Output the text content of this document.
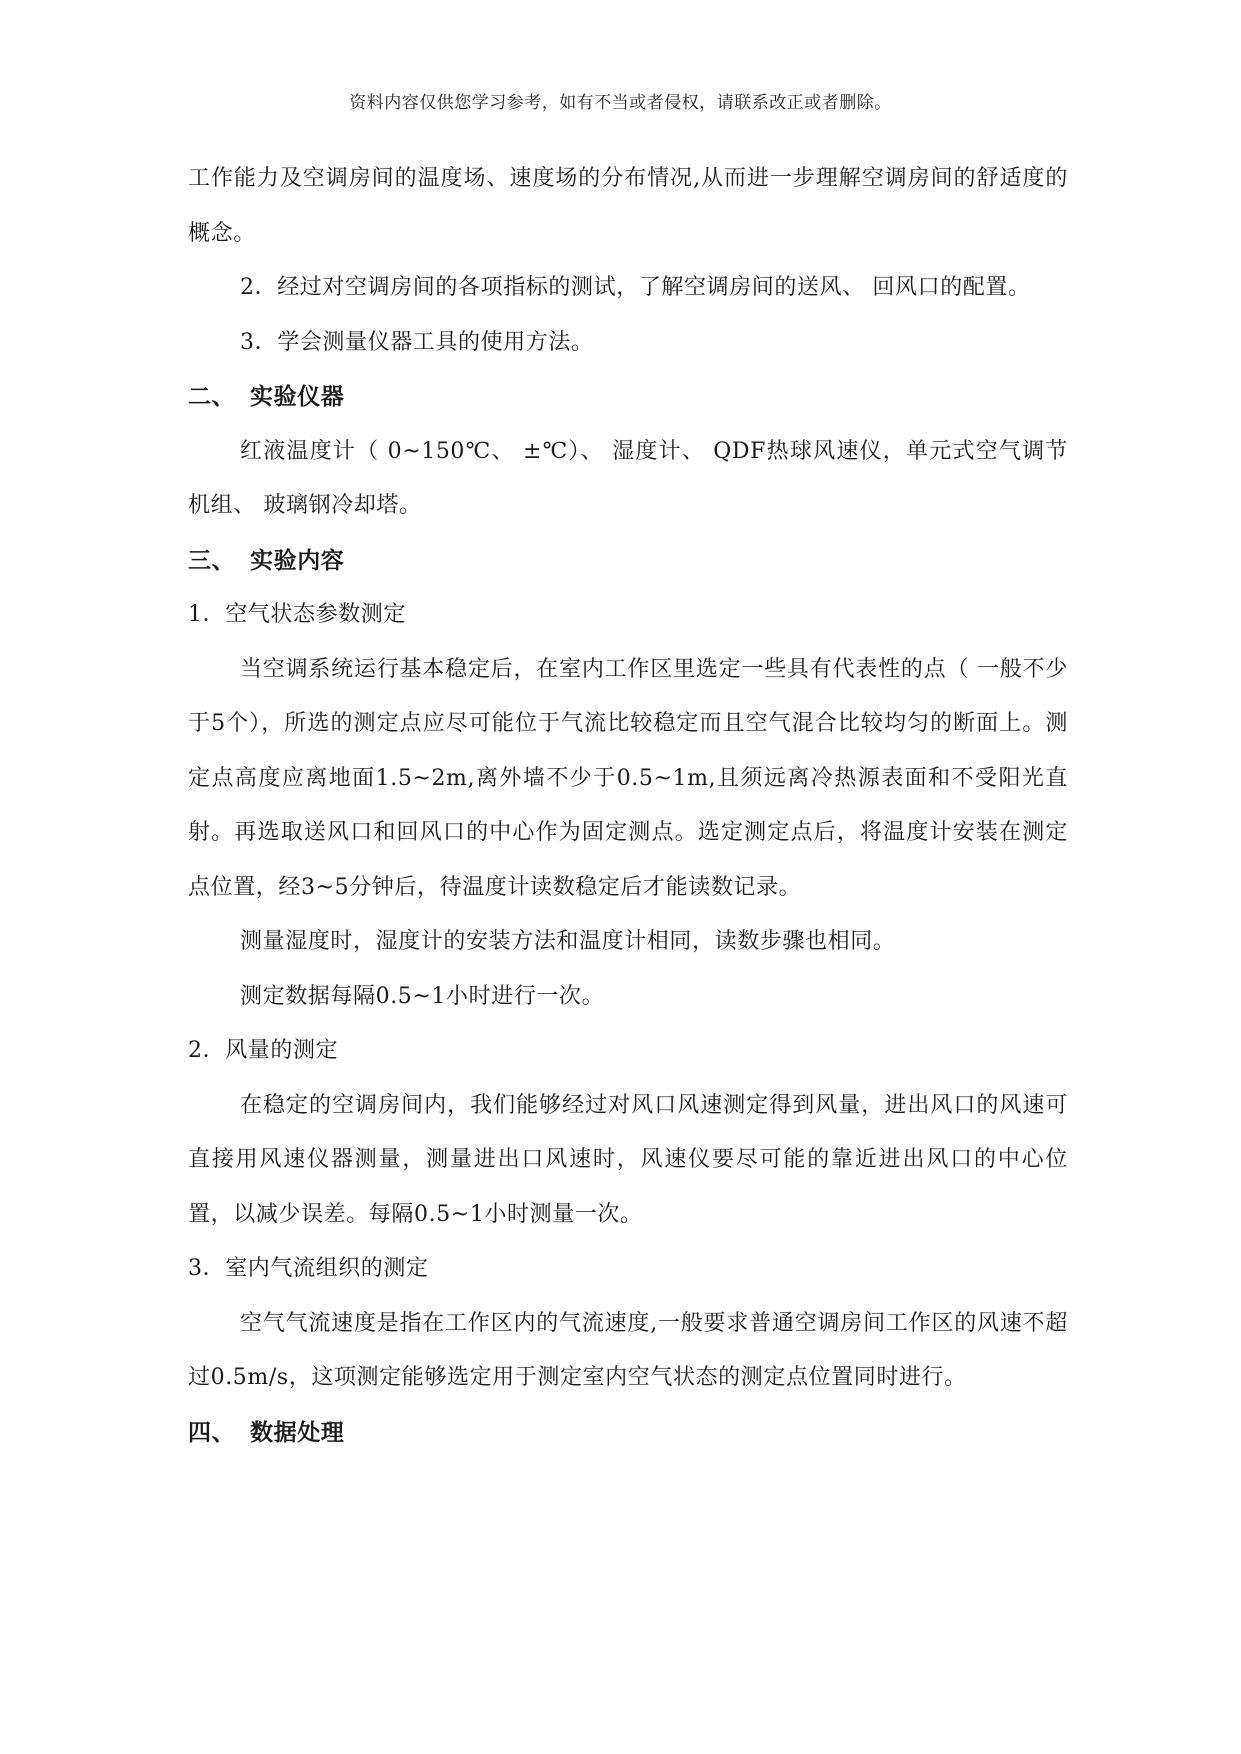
资料内容仅供您学习参考，如有不当或者侵权，请联系改正或者删除。

工作能力及空调房间的温度场、速度场的分布情况,从而进一步理解空调房间的舒适度的概念。

2．经过对空调房间的各项指标的测试，了解空调房间的送风、 回风口的配置。

3．学会测量仪器工具的使用方法。

二、 实验仪器

红液温度计（ 0~150℃、 ±℃）、 湿度计、 QDF热球风速仪，单元式空气调节机组、 玻璃钢冷却塔。

三、 实验内容

1．空气状态参数测定

当空调系统运行基本稳定后，在室内工作区里选定一些具有代表性的点（ 一般不少于5个），所选的测定点应尽可能位于气流比较稳定而且空气混合比较均匀的断面上。测定点高度应离地面1.5~2m,离外墙不少于0.5~1m,且须远离冷热源表面和不受阳光直射。再选取送风口和回风口的中心作为固定测点。选定测定点后，将温度计安装在测定点位置，经3~5分钟后，待温度计读数稳定后才能读数记录。

测量湿度时，湿度计的安装方法和温度计相同，读数步骤也相同。

测定数据每隔0.5~1小时进行一次。

2．风量的测定

在稳定的空调房间内，我们能够经过对风口风速测定得到风量，进出风口的风速可直接用风速仪器测量，测量进出口风速时，风速仪要尽可能的靠近进出风口的中心位置，以减少误差。每隔0.5~1小时测量一次。

3．室内气流组织的测定

空气气流速度是指在工作区内的气流速度,一般要求普通空调房间工作区的风速不超过0.5m/s，这项测定能够选定用于测定室内空气状态的测定点位置同时进行。

四、 数据处理
